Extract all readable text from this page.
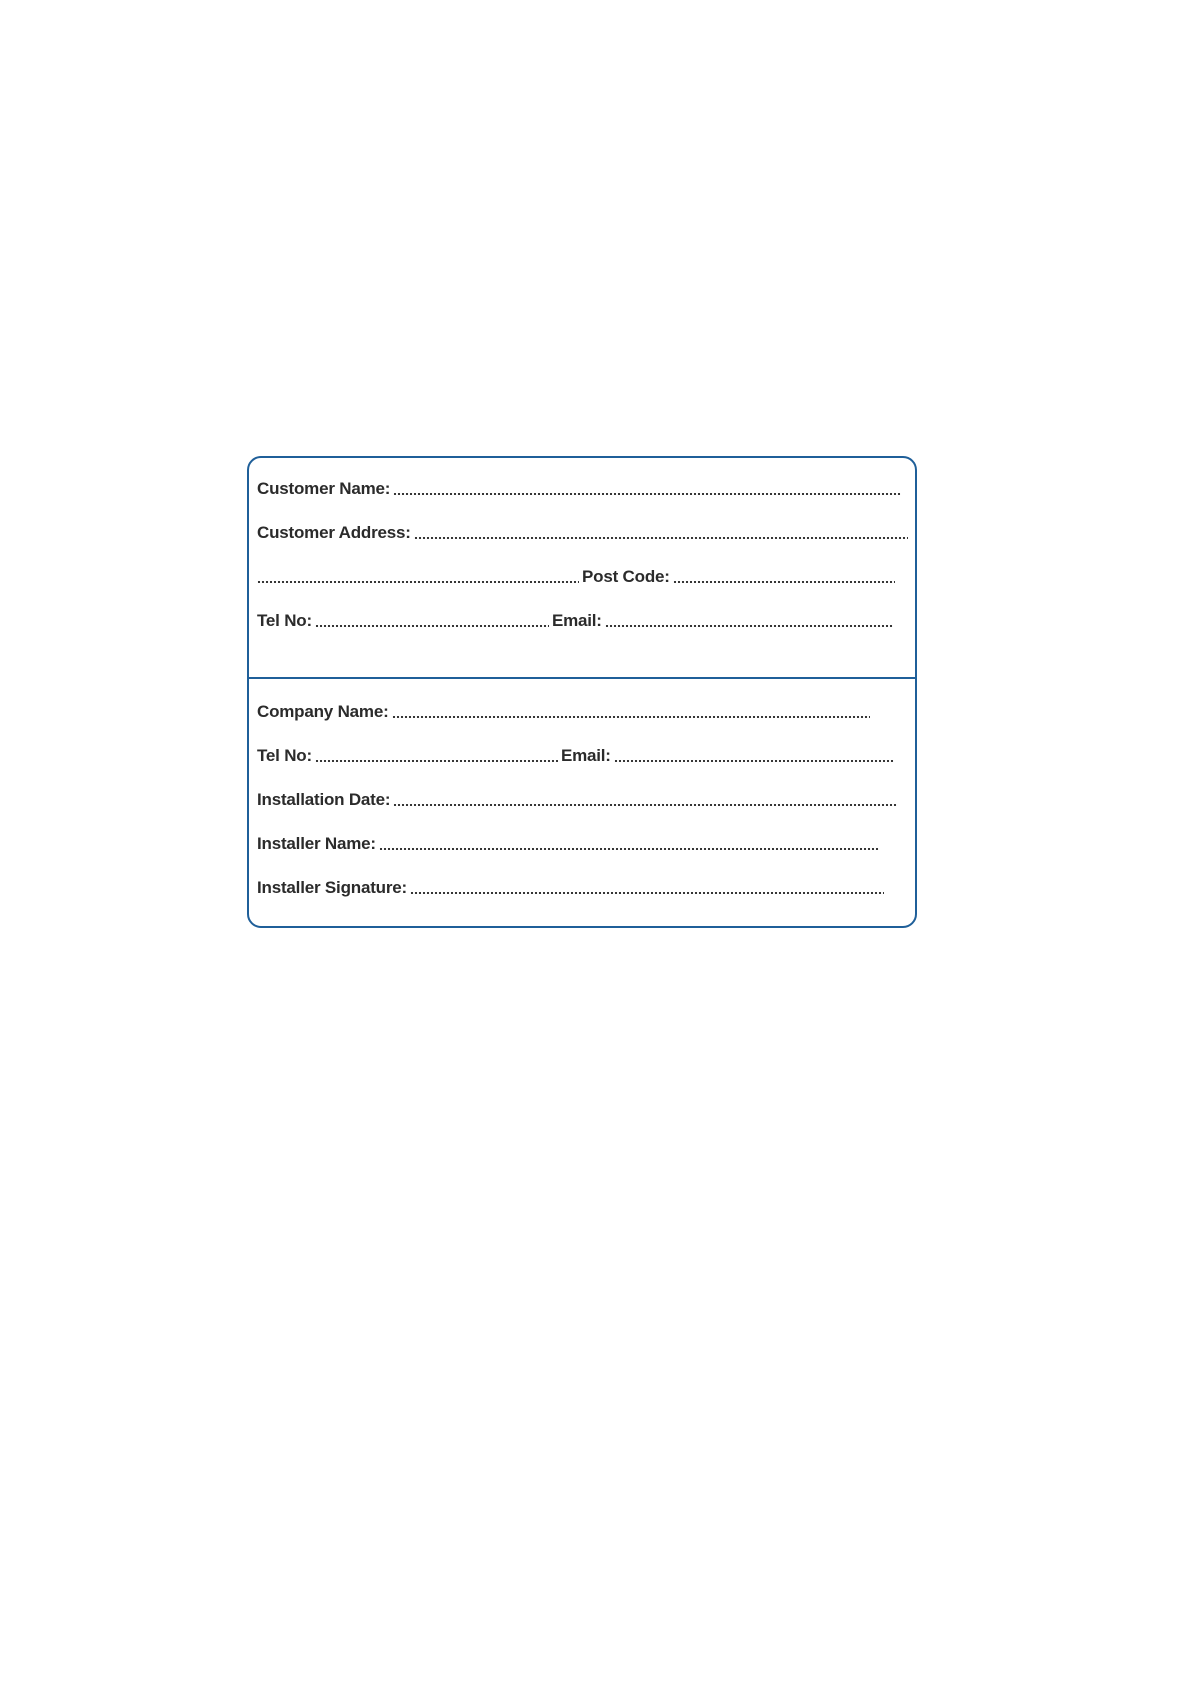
Customer Name:
Customer Address:
Post Code:
Tel No:	Email:
Company Name:
Tel No:	Email:
Installation Date:
Installer Name:
Installer Signature:
